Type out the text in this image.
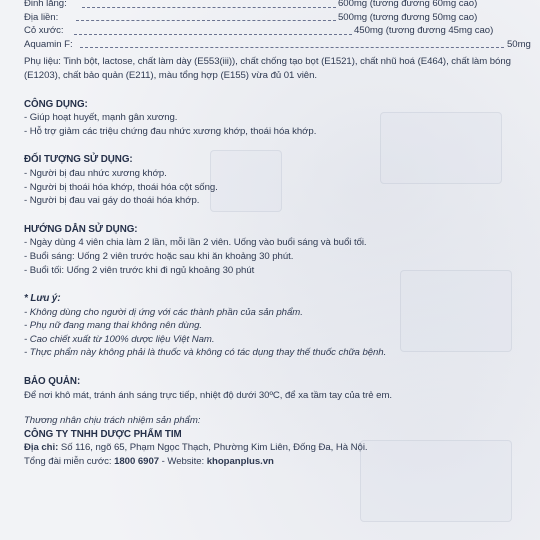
Đinh lăng:	600mg (tương đương 60mg cao)
Địa liền:	500mg (tương đương 50mg cao)
Cỏ xước:	450mg (tương đương 45mg cao)
Aquamin F:	50mg

Phụ liệu: Tinh bột, lactose, chất làm dày (E553(iii)), chất chống tạo bọt (E1521), chất nhũ hoá (E464), chất làm bóng (E1203), chất bảo quản (E211), màu tổng hợp (E155) vừa đủ 01 viên.

CÔNG DỤNG:

- Giúp hoạt huyết, mạnh gân xương.

- Hỗ trợ giảm các triệu chứng đau nhức xương khớp, thoái hóa khớp.

ĐỐI TƯỢNG SỬ DỤNG:

- Người bị đau nhức xương khớp.

- Người bị thoái hóa khớp, thoái hóa cột sống.

- Người bị đau vai gáy do thoái hóa khớp.

HƯỚNG DẪN SỬ DỤNG:

- Ngày dùng 4 viên chia làm 2 lần, mỗi lần 2 viên. Uống vào buổi sáng và buổi tối.

- Buổi sáng: Uống 2 viên trước hoặc sau khi ăn khoảng 30 phút.

- Buổi tối: Uống 2 viên trước khi đi ngủ khoảng 30 phút

* Lưu ý:

- Không dùng cho người dị ứng với các thành phần của sản phẩm.

- Phụ nữ đang mang thai không nên dùng.

- Cao chiết xuất từ 100% dược liệu Việt Nam.

- Thực phẩm này không phải là thuốc và không có tác dụng thay thế thuốc chữa bệnh.

BẢO QUẢN:

Để nơi khô mát, tránh ánh sáng trực tiếp, nhiệt độ dưới 30ºC, để xa tầm tay của trẻ em.

Thương nhân chịu trách nhiệm sản phẩm:

CÔNG TY TNHH DƯỢC PHẨM TIM

Địa chỉ: Số 116, ngõ 65, Phạm Ngọc Thạch, Phường Kim Liên, Đống Đa, Hà Nội.

Tổng đài miễn cước: 1800 6907 - Website: khopanplus.vn
